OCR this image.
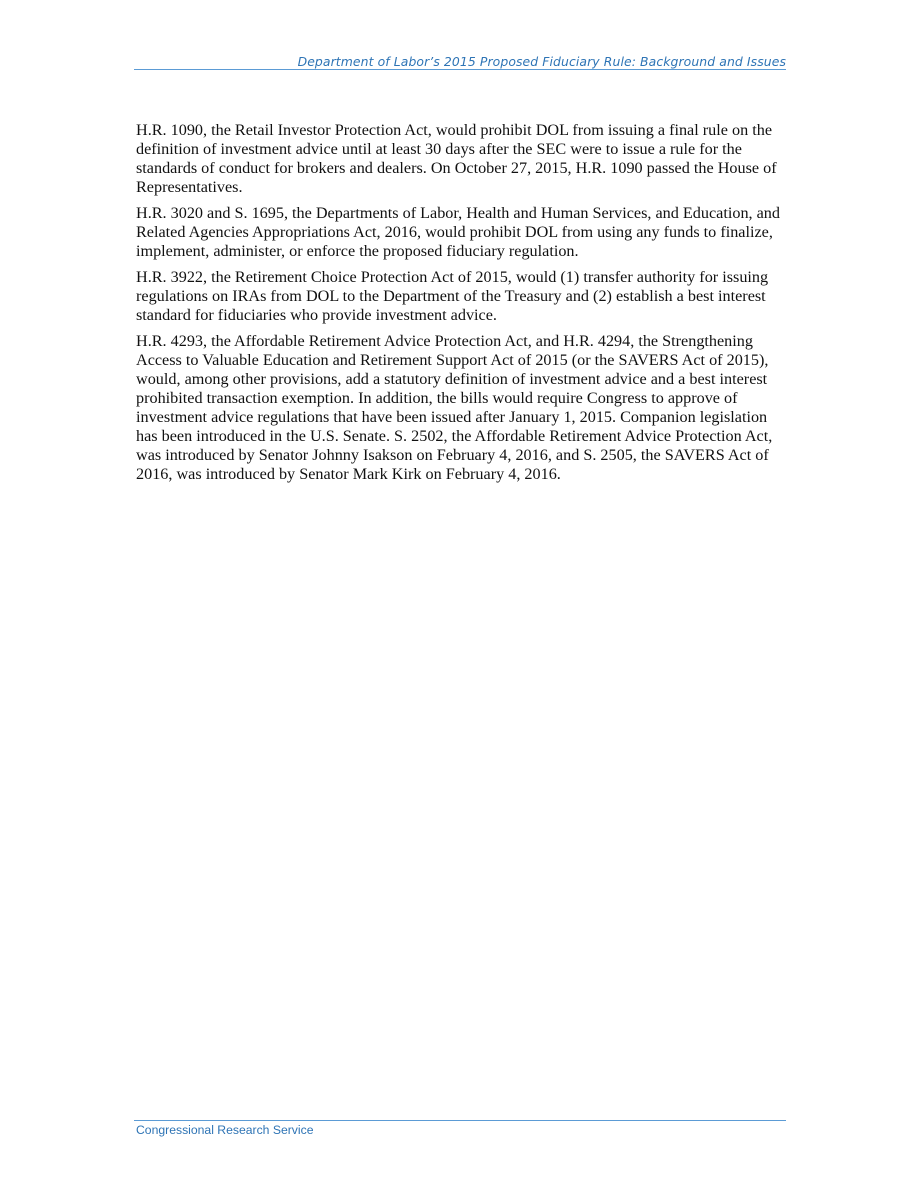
Department of Labor’s 2015 Proposed Fiduciary Rule: Background and Issues

H.R. 1090, the Retail Investor Protection Act, would prohibit DOL from issuing a final rule on the definition of investment advice until at least 30 days after the SEC were to issue a rule for the standards of conduct for brokers and dealers. On October 27, 2015, H.R. 1090 passed the House of Representatives.

H.R. 3020 and S. 1695, the Departments of Labor, Health and Human Services, and Education, and Related Agencies Appropriations Act, 2016, would prohibit DOL from using any funds to finalize, implement, administer, or enforce the proposed fiduciary regulation.

H.R. 3922, the Retirement Choice Protection Act of 2015, would (1) transfer authority for issuing regulations on IRAs from DOL to the Department of the Treasury and (2) establish a best interest standard for fiduciaries who provide investment advice.

H.R. 4293, the Affordable Retirement Advice Protection Act, and H.R. 4294, the Strengthening Access to Valuable Education and Retirement Support Act of 2015 (or the SAVERS Act of 2015), would, among other provisions, add a statutory definition of investment advice and a best interest prohibited transaction exemption. In addition, the bills would require Congress to approve of investment advice regulations that have been issued after January 1, 2015. Companion legislation has been introduced in the U.S. Senate. S. 2502, the Affordable Retirement Advice Protection Act, was introduced by Senator Johnny Isakson on February 4, 2016, and S. 2505, the SAVERS Act of 2016, was introduced by Senator Mark Kirk on February 4, 2016.

Congressional Research Service
